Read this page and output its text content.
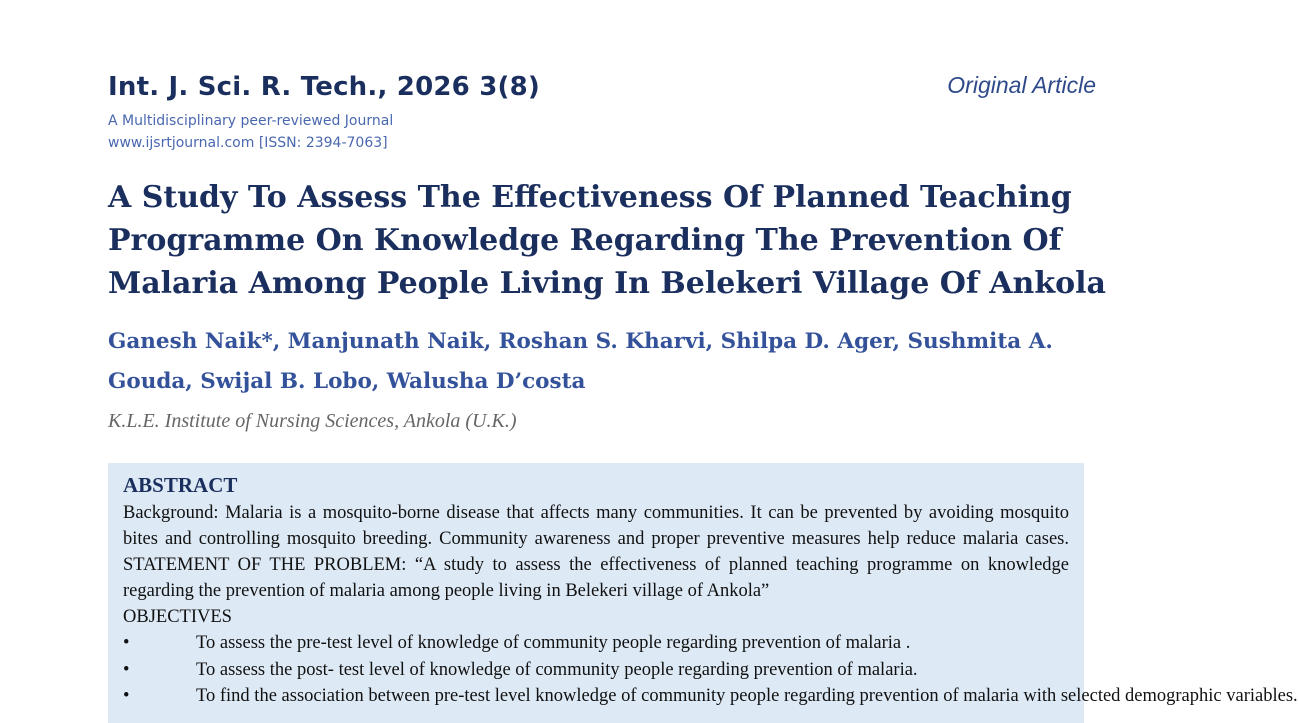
Int. J. Sci. R. Tech., 2026 3(8)	Original Article
A Multidisciplinary peer-reviewed Journal
www.ijsrtjournal.com [ISSN: 2394-7063]
A Study To Assess The Effectiveness Of Planned Teaching Programme On Knowledge Regarding The Prevention Of Malaria Among People Living In Belekeri Village Of Ankola
Ganesh Naik*, Manjunath Naik, Roshan S. Kharvi, Shilpa D. Ager, Sushmita A. Gouda, Swijal B. Lobo, Walusha D’costa
K.L.E. Institute of Nursing Sciences, Ankola (U.K.)
ABSTRACT

Background: Malaria is a mosquito-borne disease that affects many communities. It can be prevented by avoiding mosquito bites and controlling mosquito breeding. Community awareness and proper preventive measures help reduce malaria cases. STATEMENT OF THE PROBLEM: “A study to assess the effectiveness of planned teaching programme on knowledge regarding the prevention of malaria among people living in Belekeri village of Ankola”

OBJECTIVES
•	To assess the pre-test level of knowledge of community people regarding prevention of malaria .
•	To assess the post- test level of knowledge of community people regarding prevention of malaria.
•	To find the association between pre-test level knowledge of community people regarding prevention of malaria with selected demographic variables.
